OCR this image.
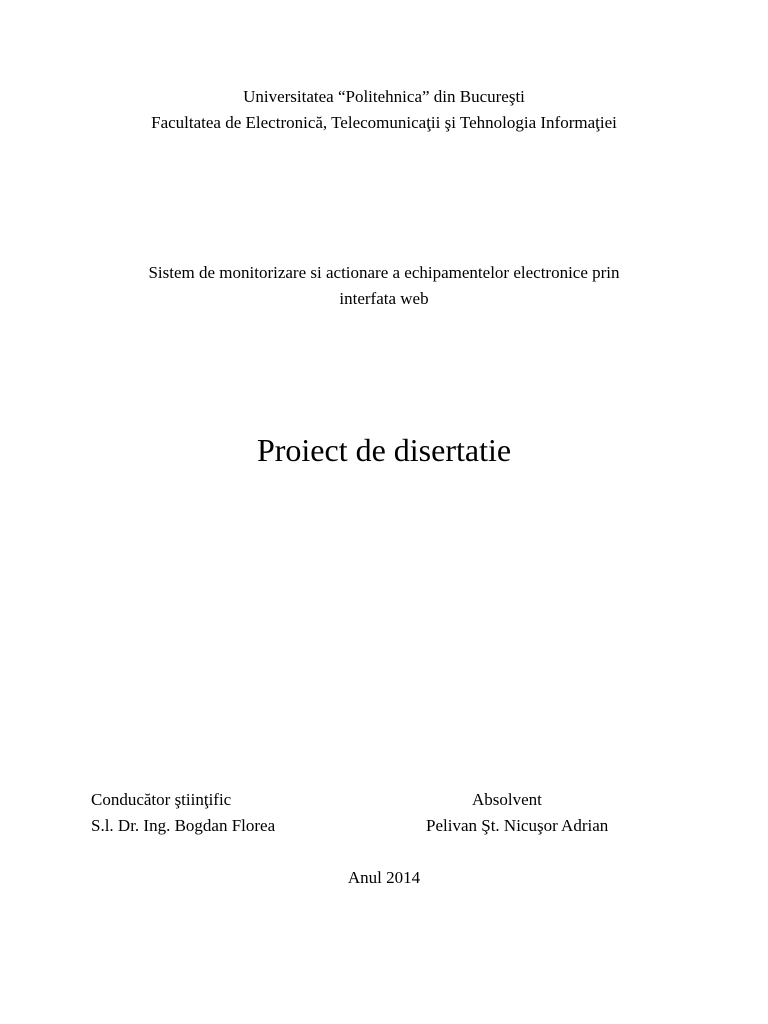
Universitatea “Politehnica” din Bucureşti
Facultatea de Electronică, Telecomunicaţii şi Tehnologia Informaţiei
Sistem de monitorizare si actionare a echipamentelor electronice prin
interfata web
Proiect de disertatie
Conducător ştiinţific
S.l. Dr. Ing. Bogdan Florea
Absolvent
Pelivan Şt. Nicuşor Adrian
Anul 2014
